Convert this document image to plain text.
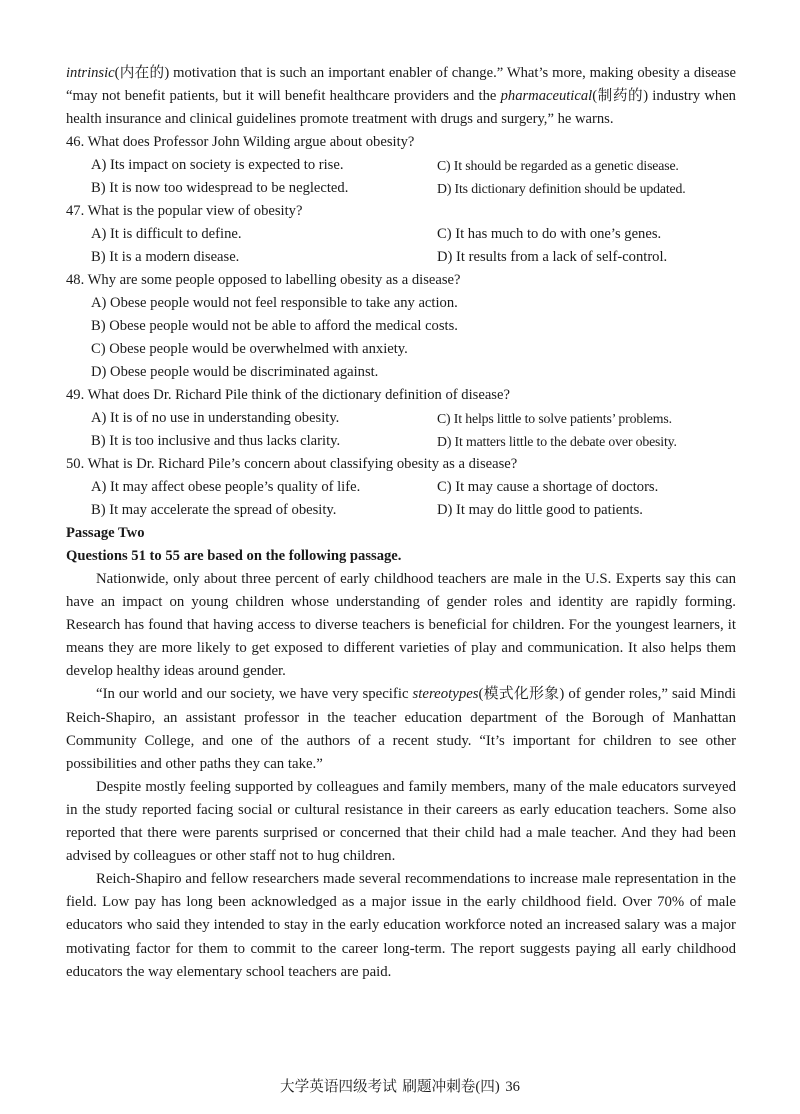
intrinsic(内在的) motivation that is such an important enabler of change.” What’s more, making obesity a disease “may not benefit patients, but it will benefit healthcare providers and the pharmaceutical(制药的) industry when health insurance and clinical guidelines promote treatment with drugs and surgery,” he warns.
46. What does Professor John Wilding argue about obesity?
A) Its impact on society is expected to rise.	C) It should be regarded as a genetic disease.
B) It is now too widespread to be neglected.	D) Its dictionary definition should be updated.
47. What is the popular view of obesity?
A) It is difficult to define.	C) It has much to do with one’s genes.
B) It is a modern disease.	D) It results from a lack of self-control.
48. Why are some people opposed to labelling obesity as a disease?
A) Obese people would not feel responsible to take any action.
B) Obese people would not be able to afford the medical costs.
C) Obese people would be overwhelmed with anxiety.
D) Obese people would be discriminated against.
49. What does Dr. Richard Pile think of the dictionary definition of disease?
A) It is of no use in understanding obesity.	C) It helps little to solve patients’ problems.
B) It is too inclusive and thus lacks clarity.	D) It matters little to the debate over obesity.
50. What is Dr. Richard Pile’s concern about classifying obesity as a disease?
A) It may affect obese people’s quality of life.	C) It may cause a shortage of doctors.
B) It may accelerate the spread of obesity.	D) It may do little good to patients.
Passage Two
Questions 51 to 55 are based on the following passage.
Nationwide, only about three percent of early childhood teachers are male in the U.S. Experts say this can have an impact on young children whose understanding of gender roles and identity are rapidly forming. Research has found that having access to diverse teachers is beneficial for children. For the youngest learners, it means they are more likely to get exposed to different varieties of play and communication. It also helps them develop healthy ideas around gender.
“In our world and our society, we have very specific stereotypes(模式化形象) of gender roles,” said Mindi Reich-Shapiro, an assistant professor in the teacher education department of the Borough of Manhattan Community College, and one of the authors of a recent study. “It’s important for children to see other possibilities and other paths they can take.”
Despite mostly feeling supported by colleagues and family members, many of the male educators surveyed in the study reported facing social or cultural resistance in their careers as early education teachers. Some also reported that there were parents surprised or concerned that their child had a male teacher. And they had been advised by colleagues or other staff not to hug children.
Reich-Shapiro and fellow researchers made several recommendations to increase male representation in the field. Low pay has long been acknowledged as a major issue in the early childhood field. Over 70% of male educators who said they intended to stay in the early education workforce noted an increased salary was a major motivating factor for them to commit to the career long-term. The report suggests paying all early childhood educators the way elementary school teachers are paid.
大学英语四级考试 刷题冲刺卷(四) 36
